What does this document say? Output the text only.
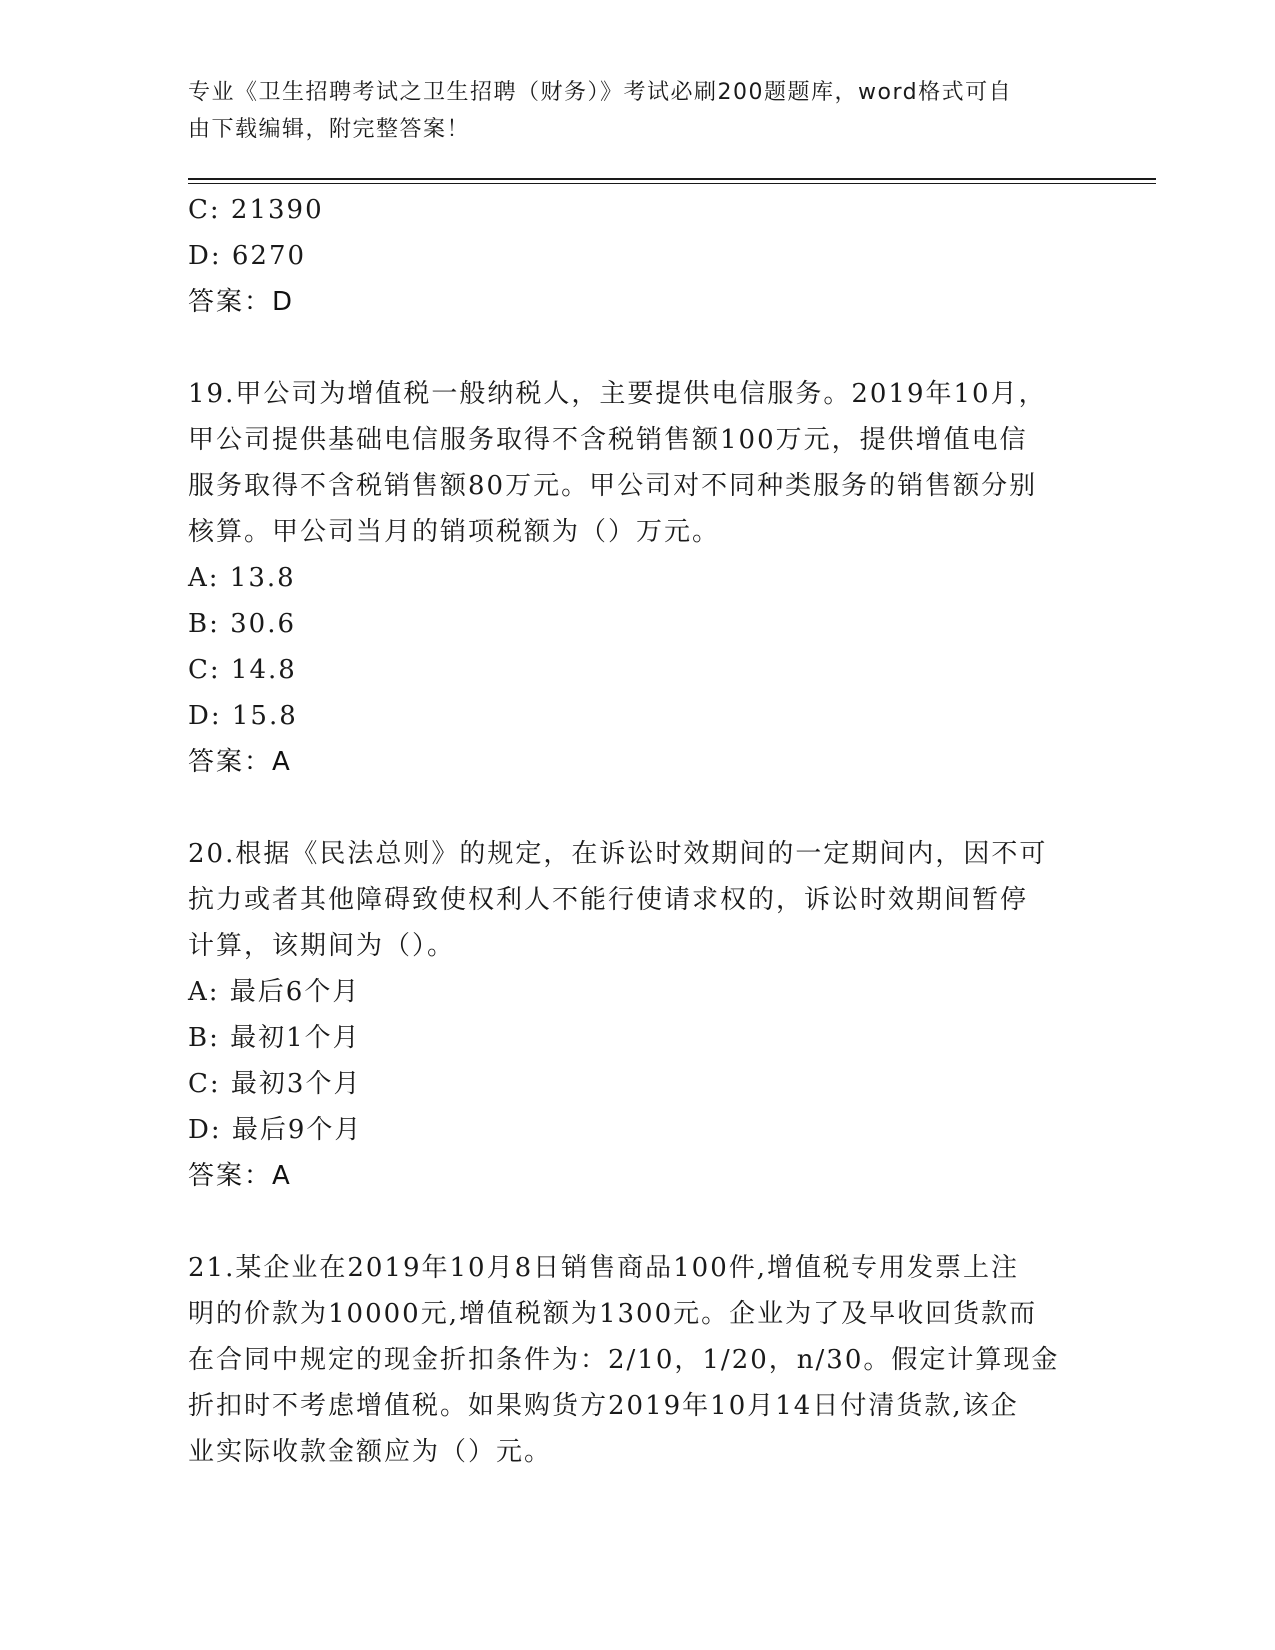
专业《卫生招聘考试之卫生招聘（财务）》考试必刷200题题库，word格式可自
由下载编辑，附完整答案！
C: 21390
D: 6270
答案：D
19.甲公司为增值税一般纳税人，主要提供电信服务。2019年10月，
甲公司提供基础电信服务取得不含税销售额100万元，提供增值电信
服务取得不含税销售额80万元。甲公司对不同种类服务的销售额分别
核算。甲公司当月的销项税额为（）万元。
A: 13.8
B: 30.6
C: 14.8
D: 15.8
答案：A
20.根据《民法总则》的规定，在诉讼时效期间的一定期间内，因不可
抗力或者其他障碍致使权利人不能行使请求权的，诉讼时效期间暂停
计算，该期间为（）。
A: 最后6个月
B: 最初1个月
C: 最初3个月
D: 最后9个月
答案：A
21.某企业在2019年10月8日销售商品100件,增值税专用发票上注
明的价款为10000元,增值税额为1300元。企业为了及早收回货款而
在合同中规定的现金折扣条件为：2/10，1/20，n/30。假定计算现金
折扣时不考虑增值税。如果购货方2019年10月14日付清货款,该企
业实际收款金额应为（）元。
